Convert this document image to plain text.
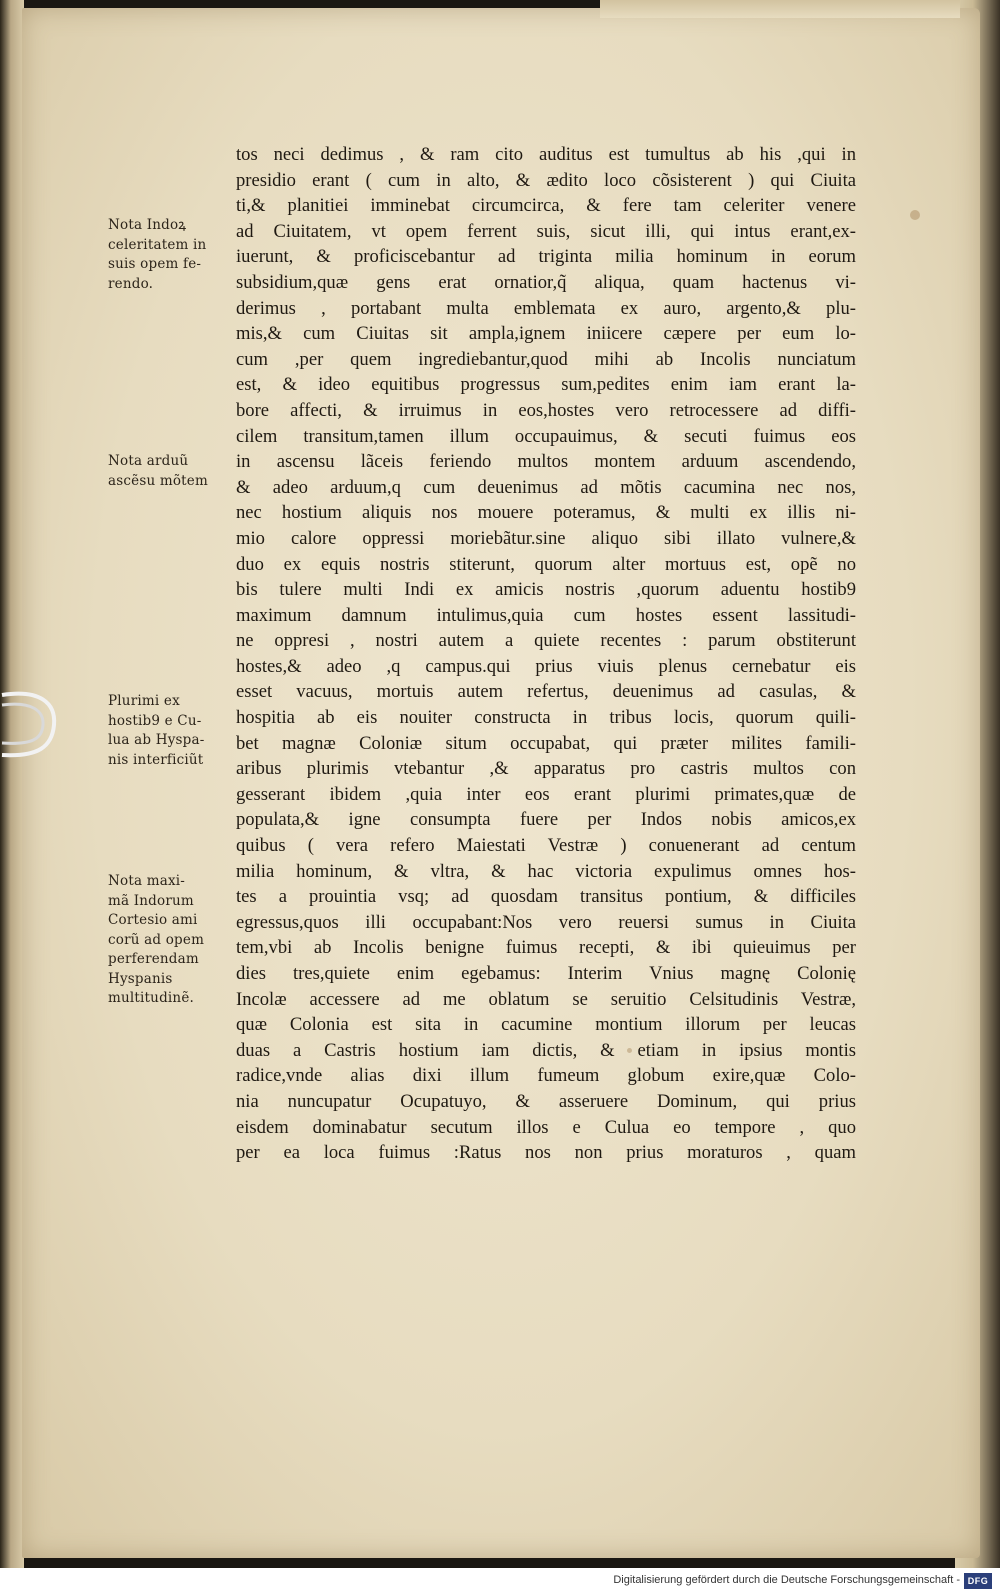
Nota Indoꝝ
celeritatem in
suis opem fe-
rendo.
Nota arduũ
ascẽsu mõtem
Plurimi ex
hostib9 e Cu-
lua ab Hyspa-
nis interficiũt
Nota maxi-
mã Indorum
Cortesio ami
corũ ad opem
perferendam
Hyspanis
multitudinẽ.
tos neci dedimus , & ram cito auditus est tumultus ab his ,qui in
presidio erant ( cum in alto, & ædito loco cõsisterent ) qui Ciuita
ti,& planitiei imminebat circumcirca, & fere tam celeriter venere
ad Ciuitatem, vt opem ferrent suis, sicut illi, qui intus erant,ex-
iuerunt, & proficiscebantur ad triginta milia hominum in eorum
subsidium,quæ gens erat ornatior,q̃ aliqua, quam hactenus vi-
derimus , portabant multa emblemata ex auro, argento,& plu-
mis,& cum Ciuitas sit ampla,ignem iniicere cæpere per eum lo-
cum ,per quem ingrediebantur,quod mihi ab Incolis nunciatum
est, & ideo equitibus progressus sum,pedites enim iam erant la-
bore affecti, & irruimus in eos,hostes vero retrocessere ad diffi-
cilem transitum,tamen illum occupauimus, & secuti fuimus eos
in ascensu lãceis feriendo multos montem arduum ascendendo,
& adeo arduum,q cum deuenimus ad mõtis cacumina nec nos,
nec hostium aliquis nos mouere poteramus, & multi ex illis ni-
mio calore oppressi moriebãtur.sine aliquo sibi illato vulnere,&
duo ex equis nostris stiterunt, quorum alter mortuus est, opẽ no
bis tulere multi Indi ex amicis nostris ,quorum aduentu hostib9
maximum damnum intulimus,quia cum hostes essent lassitudi-
ne oppresi , nostri autem a quiete recentes : parum obstiterunt
hostes,& adeo ,q campus.qui prius viuis plenus cernebatur eis
esset vacuus, mortuis autem refertus, deuenimus ad casulas, &
hospitia ab eis nouiter constructa in tribus locis, quorum quili-
bet magnæ Coloniæ situm occupabat, qui præter milites famili-
aribus plurimis vtebantur ,& apparatus pro castris multos con
gesserant ibidem ,quia inter eos erant plurimi primates,quæ de
populata,& igne consumpta fuere per Indos nobis amicos,ex
quibus ( vera refero Maiestati Vestræ ) conuenerant ad centum
milia hominum, & vltra, & hac victoria expulimus omnes hos-
tes a prouintia vsq; ad quosdam transitus pontium, & difficiles
egressus,quos illi occupabant:Nos vero reuersi sumus in Ciuita
tem,vbi ab Incolis benigne fuimus recepti, & ibi quieuimus per
dies tres,quiete enim egebamus: Interim Vnius magnę Colonię
Incolæ accessere ad me oblatum se seruitio Celsitudinis Vestræ,
quæ Colonia est sita in cacumine montium illorum per leucas
duas a Castris hostium iam dictis, & etiam in ipsius montis
radice,vnde alias dixi illum fumeum globum exire,quæ Colo-
nia nuncupatur Ocupatuyo, & asseruere Dominum, qui prius
eisdem dominabatur secutum illos e Culua eo tempore , quo
per ea loca fuimus :Ratus nos non prius moraturos , quam
Digitalisierung gefördert durch die Deutsche Forschungsgemeinschaft - DFG
